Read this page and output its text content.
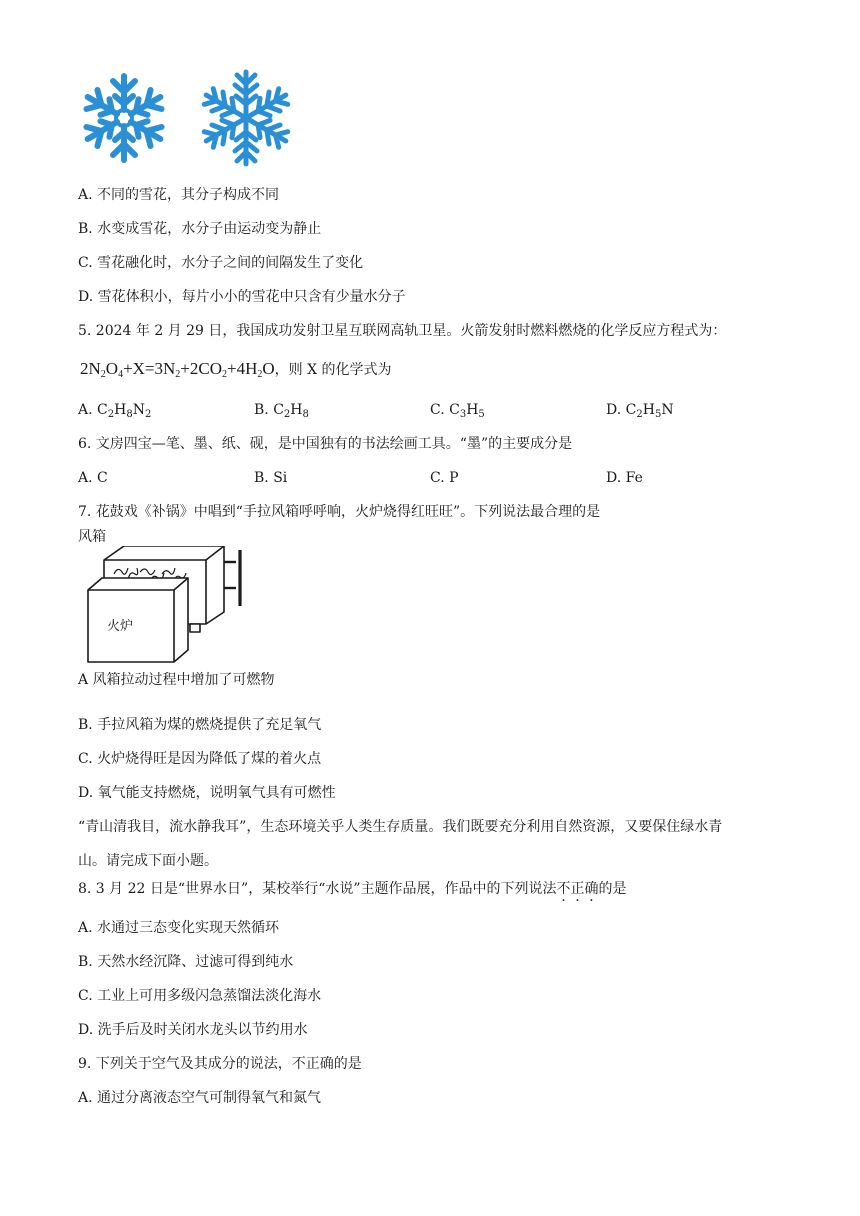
A. 不同的雪花，其分子构成不同
B. 水变成雪花，水分子由运动变为静止
C. 雪花融化时，水分子之间的间隔发生了变化
D. 雪花体积小，每片小小的雪花中只含有少量水分子
5. 2024 年 2 月 29 日，我国成功发射卫星互联网高轨卫星。火箭发射时燃料燃烧的化学反应方程式为：
$2N_2O_4+X=3N_2+2CO_2+4H_2O$，则 X 的化学式为
A. $C_2H_8N_2$	B. $C_2H_8$	C. $C_3H_5$	D. $C_2H_5N$
6. 文房四宝—笔、墨、纸、砚，是中国独有的书法绘画工具。“墨”的主要成分是
A. C	B. Si	C. P	D. Fe
7. 花鼓戏《补锅》中唱到“手拉风箱呼呼响，火炉烧得红旺旺”。下列说法最合理的是
风箱
火炉
A 风箱拉动过程中增加了可燃物
B. 手拉风箱为煤的燃烧提供了充足氧气
C. 火炉烧得旺是因为降低了煤的着火点
D. 氧气能支持燃烧，说明氧气具有可燃性
“青山清我目，流水静我耳”，生态环境关乎人类生存质量。我们既要充分利用自然资源，又要保住绿水青
山。请完成下面小题。
8. 3 月 22 日是“世界水日”，某校举行“水说”主题作品展，作品中的下列说法不正确的是
A. 水通过三态变化实现天然循环
B. 天然水经沉降、过滤可得到纯水
C. 工业上可用多级闪急蒸馏法淡化海水
D. 洗手后及时关闭水龙头以节约用水
9. 下列关于空气及其成分的说法，不正确的是
A. 通过分离液态空气可制得氧气和氮气
